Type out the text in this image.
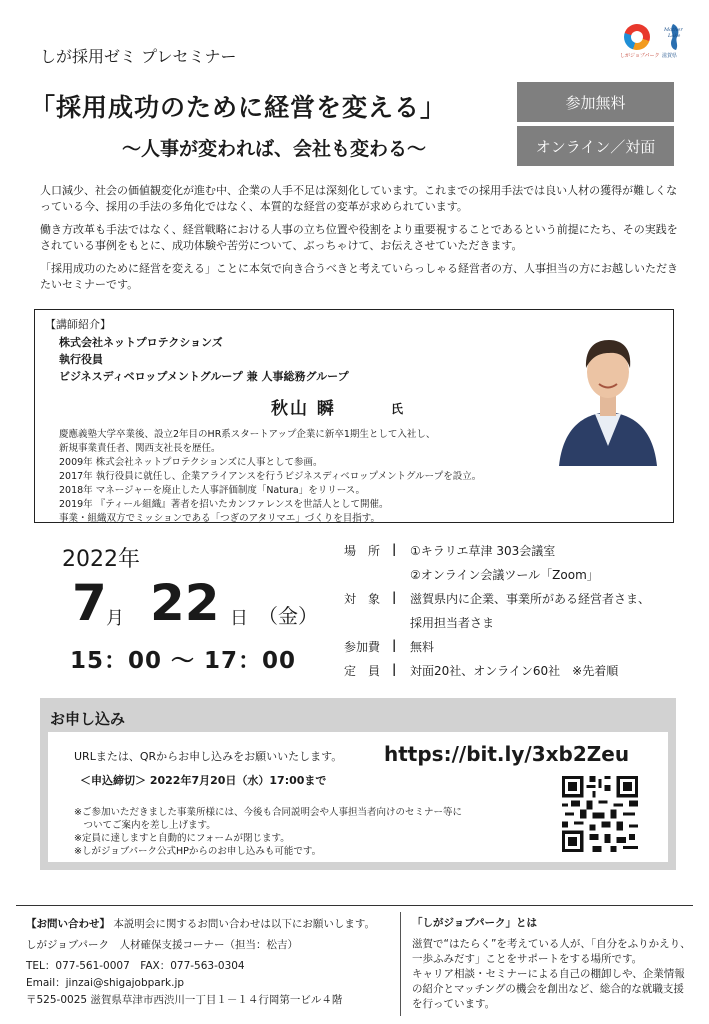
しが採用ゼミ プレセミナー	しがジョブパーク
Mother
Lake
滋賀県
「採用成功のために経営を変える」
～人事が変われば、会社も変わる～
参加無料
オンライン／対面

人口減少、社会の価値観変化が進む中、企業の人手不足は深刻化しています。これまでの採用手法では良い人材の獲得が難しくなっている今、採用の手法の多角化ではなく、本質的な経営の変革が求められています。

働き方改革も手法ではなく、経営戦略における人事の立ち位置や役割をより重要視することであるという前提にたち、その実践をされている事例をもとに、成功体験や苦労について、ぶっちゃけて、お伝えさせていただきます。

「採用成功のために経営を変える」ことに本気で向き合うべきと考えていらっしゃる経営者の方、人事担当の方にお越しいただきたいセミナーです。

【講師紹介】
株式会社ネットプロテクションズ
執行役員
ビジネスディベロップメントグループ 兼 人事総務グループ
秋山 瞬	氏
慶應義塾大学卒業後、設立2年目のHR系スタートアップ企業に新卒1期生として入社し、
新規事業責任者、関西支社長を歴任。
2009年 株式会社ネットプロテクションズに人事として参画。
2017年 執行役員に就任し、企業アライアンスを行うビジネスディベロップメントグループを設立。
2018年 マネージャーを廃止した人事評価制度「Natura」をリリース。
2019年 『ティール組織』著者を招いたカンファレンスを世話人として開催。
事業・組織双方でミッションである「つぎのアタリマエ」づくりを目指す。
2022年
7 月 22 日 （金）
15：00 ～ 17：00
場　所 | ①キラリエ草津 303会議室
②オンライン会議ツール「Zoom」
対　象 | 滋賀県内に企業、事業所がある経営者さま、
採用担当者さま
参加費 | 無料
定　員 | 対面20社、オンライン60社　※先着順
お申し込み
URLまたは、QRからお申し込みをお願いいたします。
＜申込締切＞ 2022年7月20日（水）17:00まで
https://bit.ly/3xb2Zeu
※ご参加いただきました事業所様には、今後も合同説明会や人事担当者向けのセミナー等に
　ついてご案内を差し上げます。
※定員に達しますと自動的にフォームが閉じます。
※しがジョブパーク公式HPからのお申し込みも可能です。
【お問い合わせ】 本説明会に関するお問い合わせは以下にお願いします。
しがジョブパーク　人材確保支援コーナー（担当：松吉）
TEL：077-561-0007　FAX：077-563-0304
Email：jinzai@shigajobpark.jp
〒525-0025 滋賀県草津市西渋川一丁目１－１４行岡第一ビル４階
「しがジョブパーク」とは
滋賀で“はたらく”を考えている人が、「自分をふりかえり、
一歩ふみだす」ことをサポートをする場所です。
キャリア相談・セミナーによる自己の棚卸しや、企業情報
の紹介とマッチングの機会を創出など、総合的な就職支援
を行っています。
